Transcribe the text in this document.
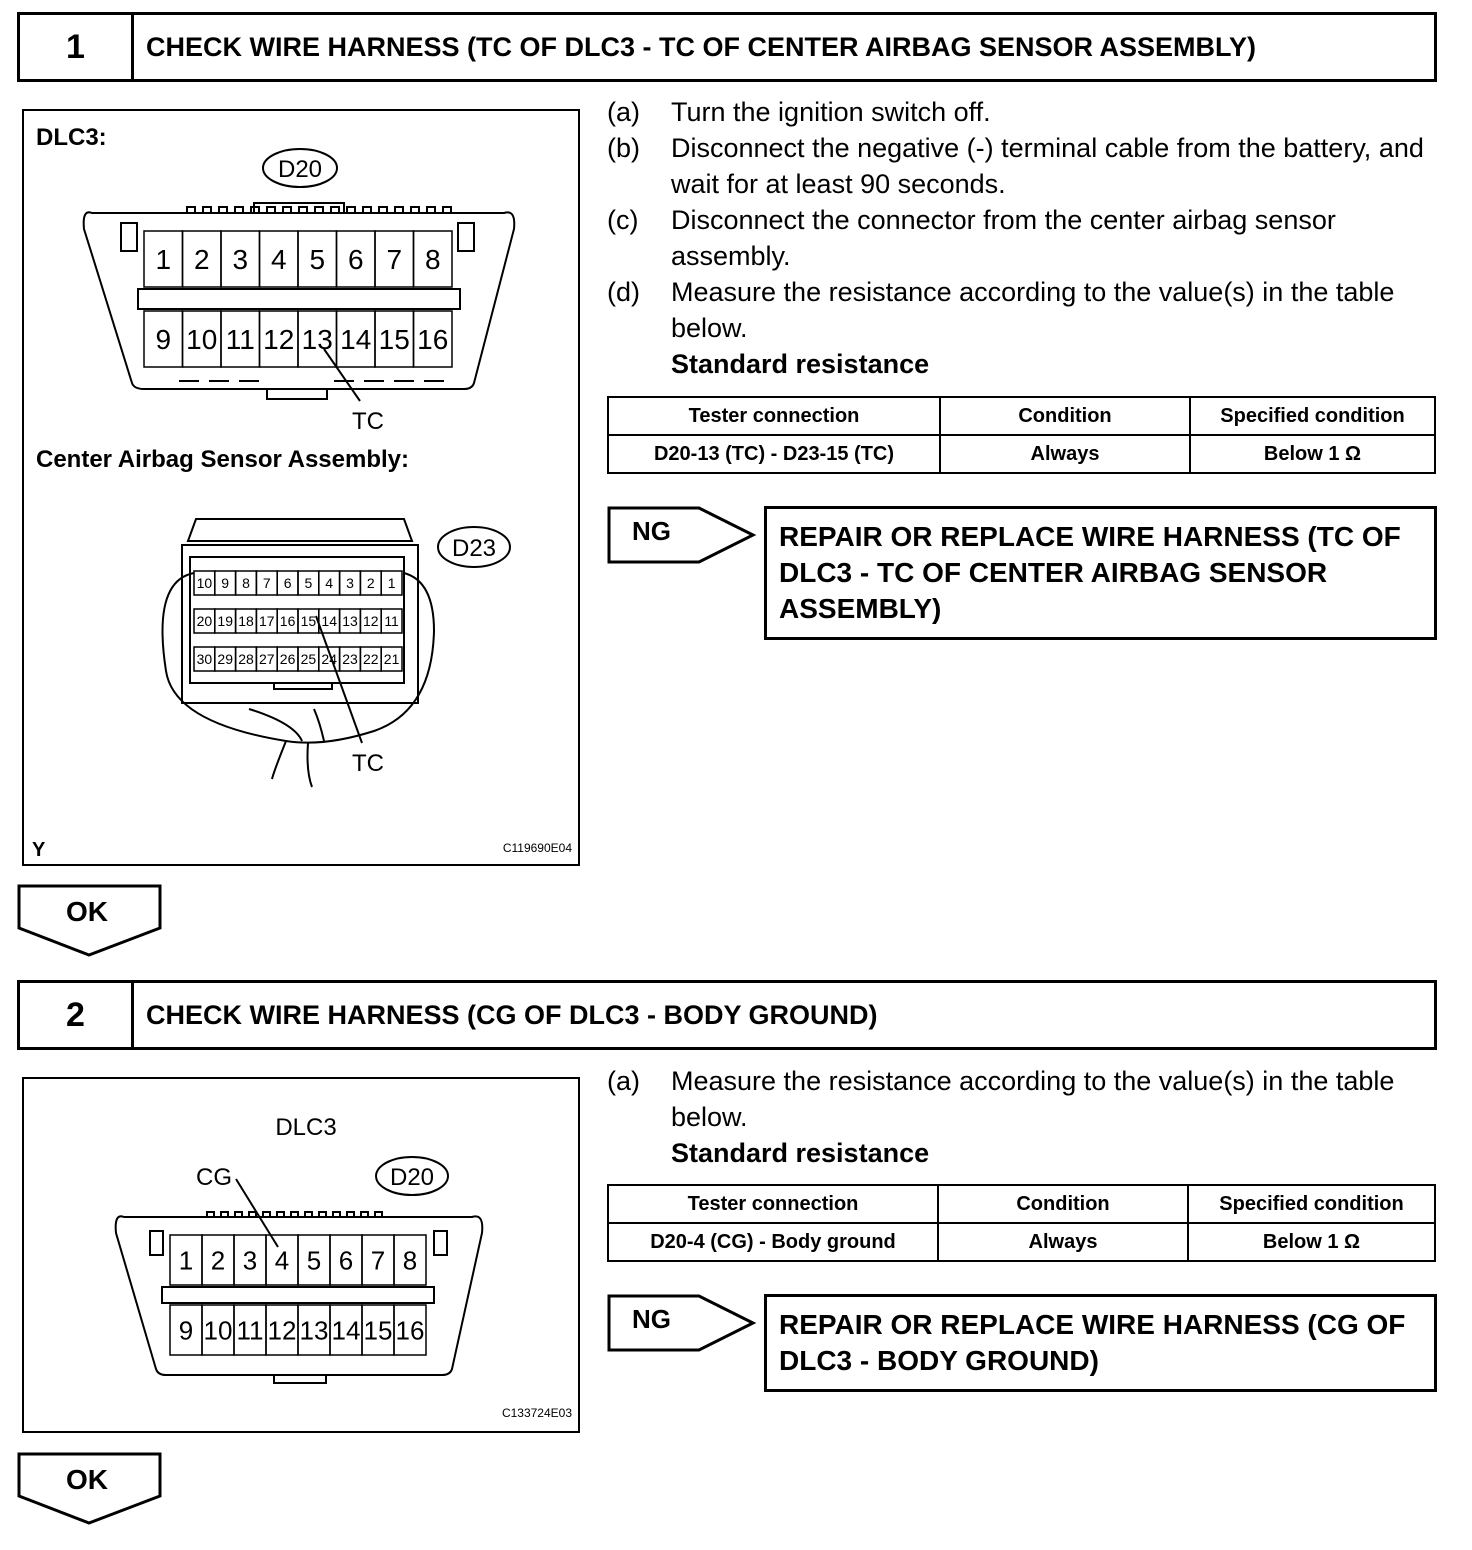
1	CHECK WIRE HARNESS (TC OF DLC3 - TC OF CENTER AIRBAG SENSOR ASSEMBLY)
DLC3:
D20
1 2 3 4 5 6 7 8
9 10 11 12 13 14 15 16
TC
Center Airbag Sensor Assembly:
D23
10 9 8 7 6 5 4 3 2 1
20 19 18 17 16 15 14 13 12 11
30 29 28 27 26 25 24 23 22 21
TC
Y	C119690E04
(a)	Turn the ignition switch off.
(b)	Disconnect the negative (-) terminal cable from the battery, and wait for at least 90 seconds.
(c)	Disconnect the connector from the center airbag sensor assembly.
(d)	Measure the resistance according to the value(s) in the table below.
Standard resistance
Tester connection	Condition	Specified condition
D20-13 (TC) - D23-15 (TC)	Always	Below 1 Ω
NG	REPAIR OR REPLACE WIRE HARNESS (TC OF DLC3 - TC OF CENTER AIRBAG SENSOR ASSEMBLY)
OK
2	CHECK WIRE HARNESS (CG OF DLC3 - BODY GROUND)
DLC3
CG	D20
1 2 3 4 5 6 7 8
9 10 11 12 13 14 15 16
C133724E03
(a)	Measure the resistance according to the value(s) in the table below.
Standard resistance
Tester connection	Condition	Specified condition
D20-4 (CG) - Body ground	Always	Below 1 Ω
NG	REPAIR OR REPLACE WIRE HARNESS (CG OF DLC3 - BODY GROUND)
OK
